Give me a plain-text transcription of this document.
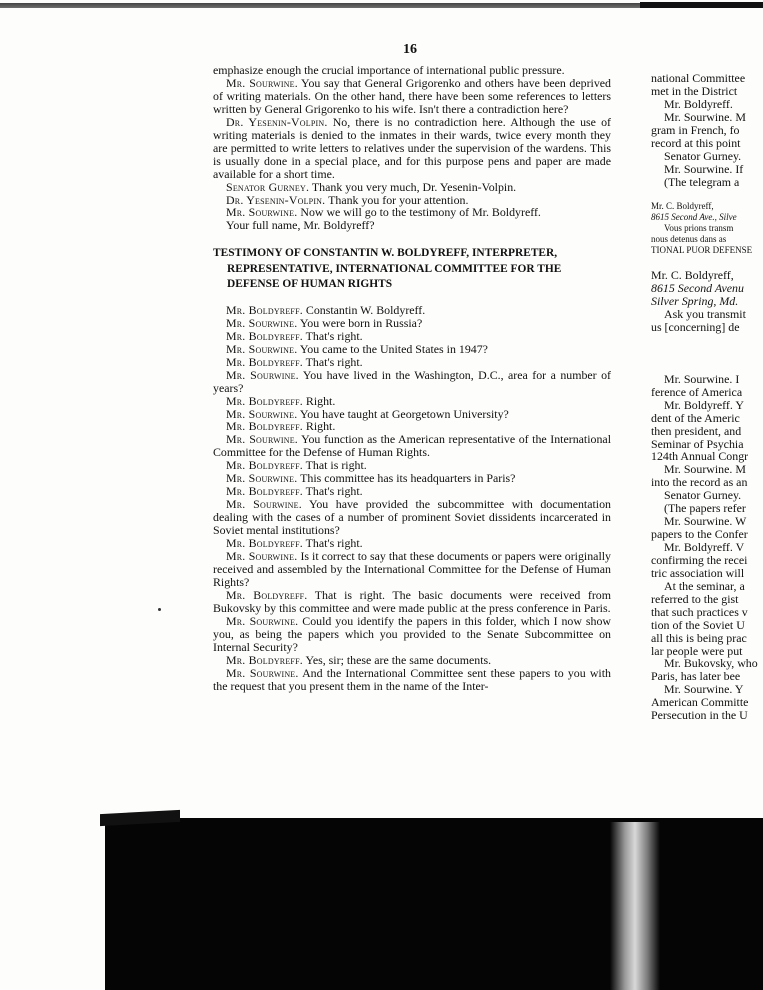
16

emphasize enough the crucial importance of international public pressure.

Mr. Sourwine. You say that General Grigorenko and others have been deprived of writing materials. On the other hand, there have been some references to letters written by General Grigorenko to his wife. Isn't there a contradiction here?

Dr. Yesenin-Volpin. No, there is no contradiction here. Although the use of writing materials is denied to the inmates in their wards, twice every month they are permitted to write letters to relatives under the supervision of the wardens. This is usually done in a special place, and for this purpose pens and paper are made available for a short time.

Senator Gurney. Thank you very much, Dr. Yesenin-Volpin.

Dr. Yesenin-Volpin. Thank you for your attention.

Mr. Sourwine. Now we will go to the testimony of Mr. Boldyreff.

Your full name, Mr. Boldyreff?

TESTIMONY OF CONSTANTIN W. BOLDYREFF, INTERPRETER, REPRESENTATIVE, INTERNATIONAL COMMITTEE FOR THE DEFENSE OF HUMAN RIGHTS

Mr. Boldyreff. Constantin W. Boldyreff.

Mr. Sourwine. You were born in Russia?

Mr. Boldyreff. That's right.

Mr. Sourwine. You came to the United States in 1947?

Mr. Boldyreff. That's right.

Mr. Sourwine. You have lived in the Washington, D.C., area for a number of years?

Mr. Boldyreff. Right.

Mr. Sourwine. You have taught at Georgetown University?

Mr. Boldyreff. Right.

Mr. Sourwine. You function as the American representative of the International Committee for the Defense of Human Rights.

Mr. Boldyreff. That is right.

Mr. Sourwine. This committee has its headquarters in Paris?

Mr. Boldyreff. That's right.

Mr. Sourwine. You have provided the subcommittee with documentation dealing with the cases of a number of prominent Soviet dissidents incarcerated in Soviet mental institutions?

Mr. Boldyreff. That's right.

Mr. Sourwine. Is it correct to say that these documents or papers were originally received and assembled by the International Committee for the Defense of Human Rights?

Mr. Boldyreff. That is right. The basic documents were received from Bukovsky by this committee and were made public at the press conference in Paris.

Mr. Sourwine. Could you identify the papers in this folder, which I now show you, as being the papers which you provided to the Senate Subcommittee on Internal Security?

Mr. Boldyreff. Yes, sir; these are the same documents.

Mr. Sourwine. And the International Committee sent these papers to you with the request that you present them in the name of the Inter-

national Committee
met in the District
Mr. Boldyreff.
Mr. Sourwine. M
gram in French, fo
record at this point
Senator Gurney.
Mr. Sourwine. If
(The telegram a
Mr. C. Boldyreff,
8615 Second Ave., Silve
Vous prions transm
nous detenus dans as
TIONAL PUOR DEFENSE
Mr. C. Boldyreff,
8615 Second Avenu
Silver Spring, Md.
Ask you transmit
us [concerning] de
Mr. Sourwine. I
ference of America
Mr. Boldyreff. Y
dent of the Americ
then president, and
Seminar of Psychia
124th Annual Congr
Mr. Sourwine. M
into the record as an
Senator Gurney.
(The papers refer
Mr. Sourwine. W
papers to the Confer
Mr. Boldyreff. V
confirming the recei
tric association will
At the seminar, a
referred to the gist
that such practices v
tion of the Soviet U
all this is being prac
lar people were put
Mr. Bukovsky, who
Paris, has later bee
Mr. Sourwine. Y
American Committe
Persecution in the U
